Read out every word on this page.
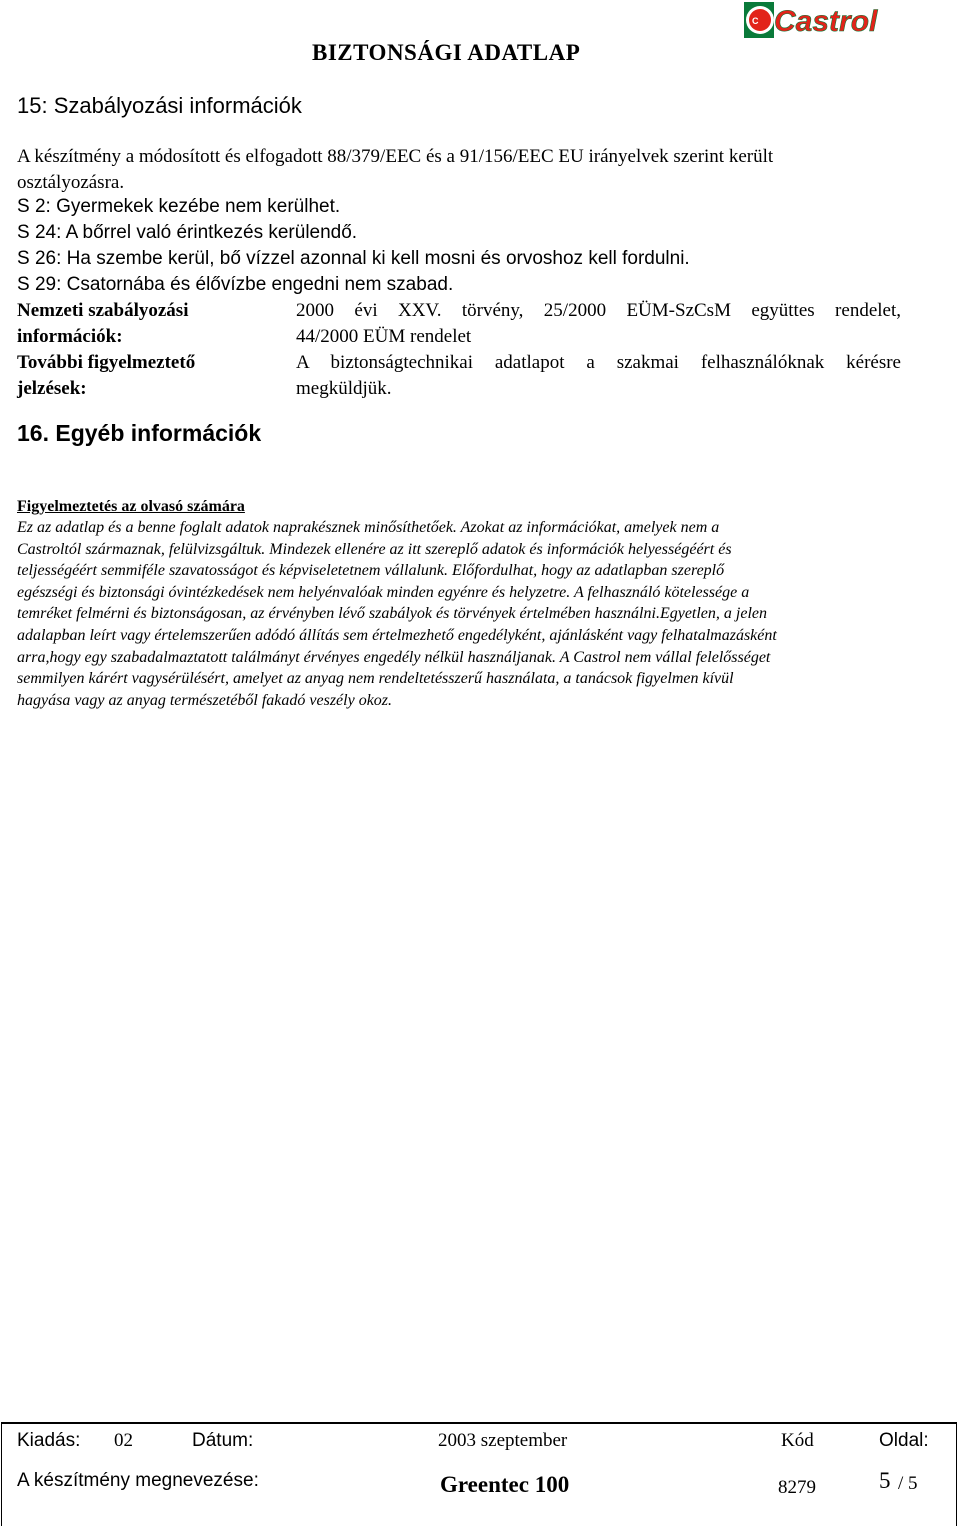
BIZTONSÁGI ADATLAP
C Castrol
15: Szabályozási információk
A készítmény a módosított és elfogadott 88/379/EEC és a 91/156/EEC EU irányelvek szerint került
osztályozásra.
S 2: Gyermekek kezébe nem kerülhet.
S 24: A bőrrel való érintkezés kerülendő.
S 26: Ha szembe kerül, bő vízzel azonnal ki kell mosni és orvoshoz kell fordulni.
S 29: Csatornába és élővízbe engedni nem szabad.
Nemzeti szabályozási
információk:
2000 évi XXV. törvény, 25/2000 EÜM-SzCsM együttes rendelet,
44/2000 EÜM rendelet
További figyelmeztető
jelzések:
A biztonságtechnikai adatlapot a szakmai felhasználóknak kérésre
megküldjük.
16. Egyéb információk
Figyelmeztetés az olvasó számára
Ez az adatlap és a benne foglalt adatok naprakésznek minősíthetőek. Azokat az információkat, amelyek nem a
Castroltól származnak, felülvizsgáltuk. Mindezek ellenére az itt szereplő adatok és információk helyességéért és
teljességéért semmiféle szavatosságot és képviseletetnem vállalunk. Előfordulhat, hogy az adatlapban szereplő
egészségi és biztonsági óvintézkedések nem helyénvalóak minden egyénre és helyzetre. A felhasználó kötelessége a
temréket felmérni és biztonságosan, az érvényben lévő szabályok és törvények értelmében használni.Egyetlen, a jelen
adalapban leírt vagy értelemszerűen adódó állítás sem értelmezhető engedélyként, ajánlásként vagy felhatalmazásként
arra,hogy egy szabadalmaztatott találmányt érvényes engedély nélkül használjanak. A Castrol nem vállal felelősséget
semmilyen kárért vagysérülésért, amelyet az anyag nem rendeltetésszerű használata, a tanácsok figyelmen kívül
hagyása vagy az anyag természetéből fakadó veszély okoz.
Kiadás: 02	Dátum:	2003 szeptember	Kód	Oldal:
A készítmény megnevezése:	Greentec 100	8279	5 / 5
